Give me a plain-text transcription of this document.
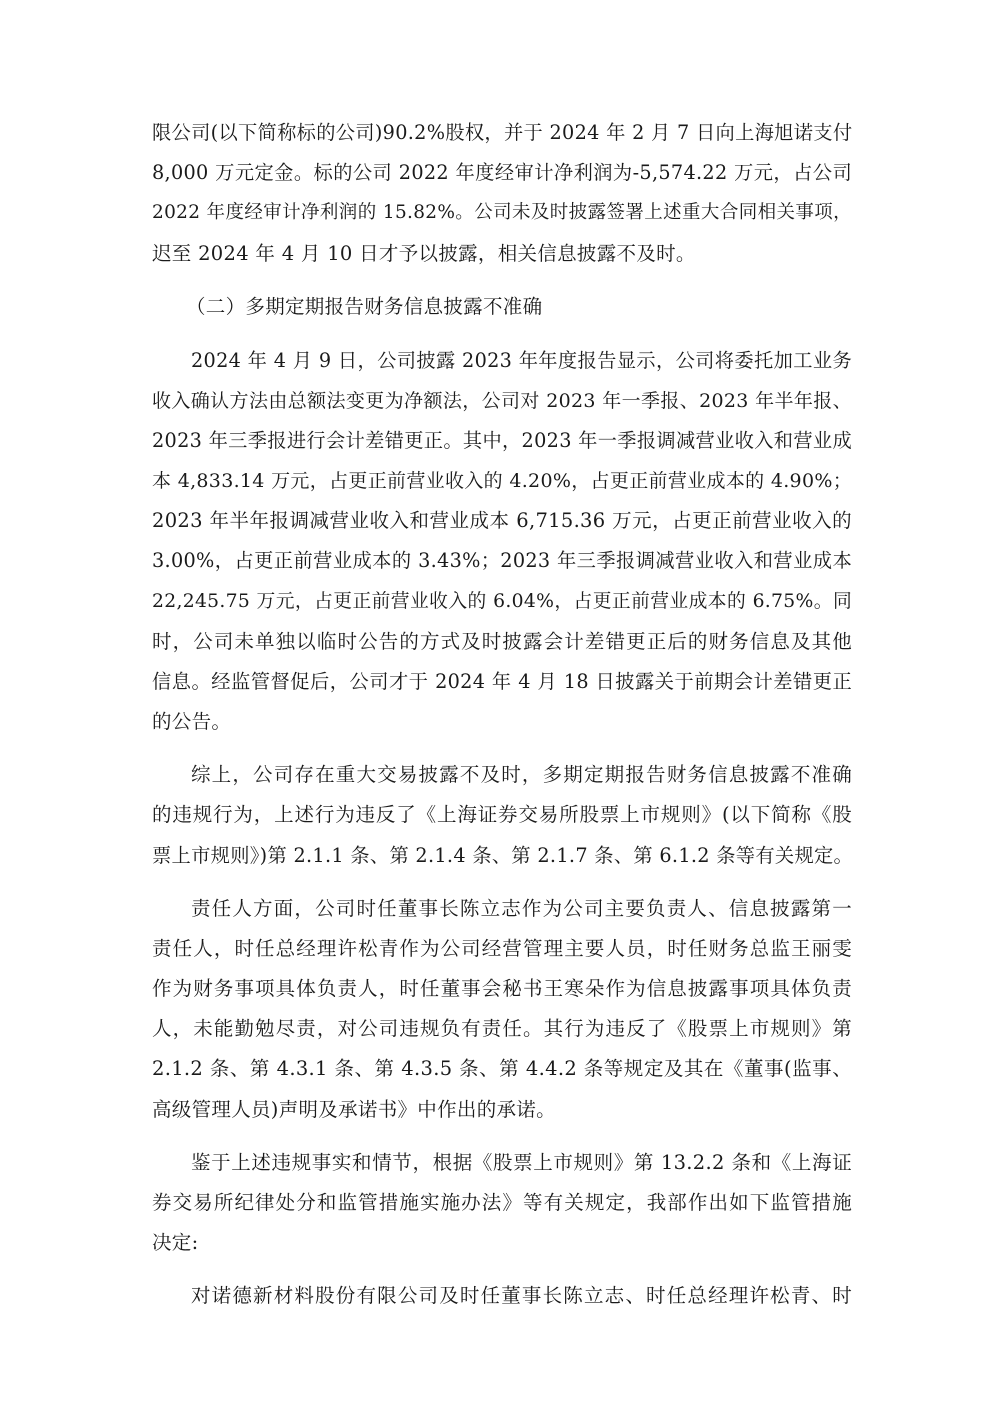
限公司(以下简称标的公司)90.2%股权，并于 2024 年 2 月 7 日向上海旭诺支付
8,000 万元定金。标的公司 2022 年度经审计净利润为-5,574.22 万元，占公司
2022 年度经审计净利润的 15.82%。公司未及时披露签署上述重大合同相关事项，
迟至 2024 年 4 月 10 日才予以披露，相关信息披露不及时。
（二）多期定期报告财务信息披露不准确
2024 年 4 月 9 日，公司披露 2023 年年度报告显示，公司将委托加工业务
收入确认方法由总额法变更为净额法，公司对 2023 年一季报、2023 年半年报、
2023 年三季报进行会计差错更正。其中，2023 年一季报调减营业收入和营业成
本 4,833.14 万元，占更正前营业收入的 4.20%，占更正前营业成本的 4.90%；
2023 年半年报调减营业收入和营业成本 6,715.36 万元，占更正前营业收入的
3.00%，占更正前营业成本的 3.43%；2023 年三季报调减营业收入和营业成本
22,245.75 万元，占更正前营业收入的 6.04%，占更正前营业成本的 6.75%。同
时，公司未单独以临时公告的方式及时披露会计差错更正后的财务信息及其他
信息。经监管督促后，公司才于 2024 年 4 月 18 日披露关于前期会计差错更正
的公告。
综上，公司存在重大交易披露不及时，多期定期报告财务信息披露不准确
的违规行为，上述行为违反了《上海证券交易所股票上市规则》(以下简称《股
票上市规则》)第 2.1.1 条、第 2.1.4 条、第 2.1.7 条、第 6.1.2 条等有关规定。
责任人方面，公司时任董事长陈立志作为公司主要负责人、信息披露第一
责任人，时任总经理许松青作为公司经营管理主要人员，时任财务总监王丽雯
作为财务事项具体负责人，时任董事会秘书王寒朵作为信息披露事项具体负责
人，未能勤勉尽责，对公司违规负有责任。其行为违反了《股票上市规则》第
2.1.2 条、第 4.3.1 条、第 4.3.5 条、第 4.4.2 条等规定及其在《董事(监事、
高级管理人员)声明及承诺书》中作出的承诺。
鉴于上述违规事实和情节，根据《股票上市规则》第 13.2.2 条和《上海证
券交易所纪律处分和监管措施实施办法》等有关规定，我部作出如下监管措施
决定:
对诺德新材料股份有限公司及时任董事长陈立志、时任总经理许松青、时
